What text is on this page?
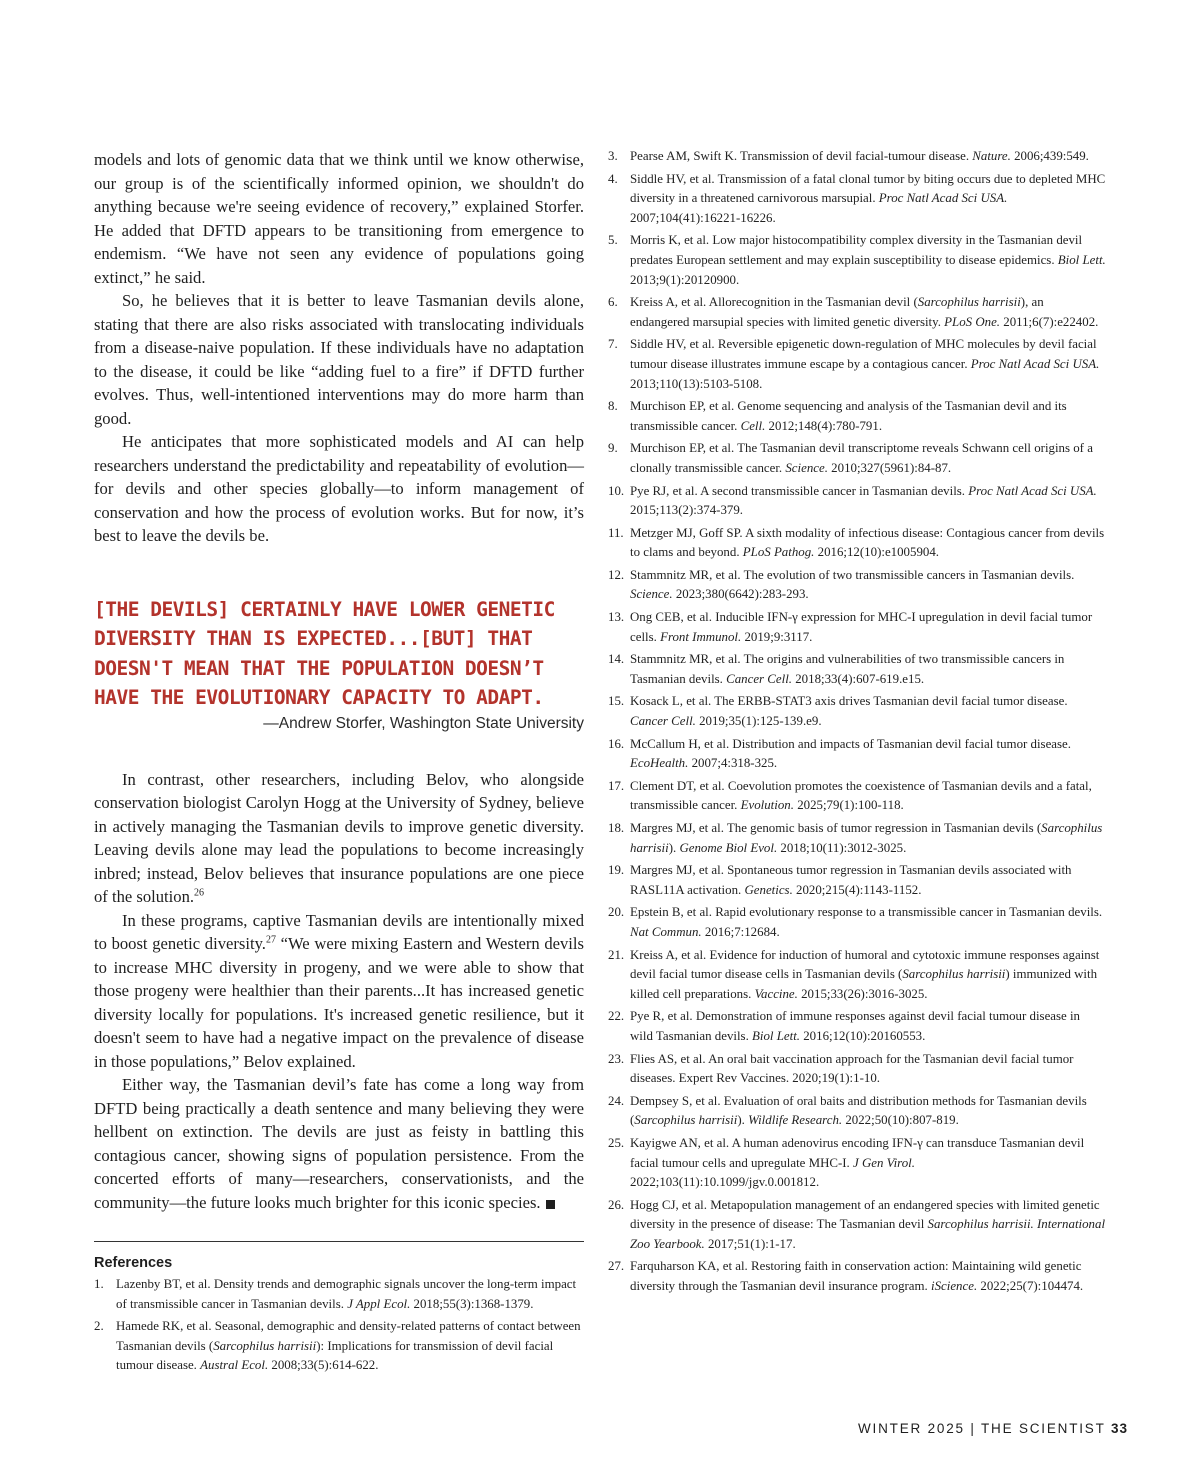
models and lots of genomic data that we think until we know otherwise, our group is of the scientifically informed opinion, we shouldn't do anything because we're seeing evidence of recovery,” explained Storfer. He added that DFTD appears to be transitioning from emergence to endemism. “We have not seen any evidence of populations going extinct,” he said.

So, he believes that it is better to leave Tasmanian devils alone, stating that there are also risks associated with translocating individuals from a disease-naive population. If these individuals have no adaptation to the disease, it could be like “adding fuel to a fire” if DFTD further evolves. Thus, well-intentioned interventions may do more harm than good.

He anticipates that more sophisticated models and AI can help researchers understand the predictability and repeatability of evolution—for devils and other species globally—to inform management of conservation and how the process of evolution works. But for now, it’s best to leave the devils be.

[THE DEVILS] CERTAINLY HAVE LOWER GENETIC DIVERSITY THAN IS EXPECTED...[BUT] THAT DOESN'T MEAN THAT THE POPULATION DOESN’T HAVE THE EVOLUTIONARY CAPACITY TO ADAPT.
—Andrew Storfer, Washington State University

In contrast, other researchers, including Belov, who alongside conservation biologist Carolyn Hogg at the University of Sydney, believe in actively managing the Tasmanian devils to improve genetic diversity. Leaving devils alone may lead the populations to become increasingly inbred; instead, Belov believes that insurance populations are one piece of the solution.$^{26}$

In these programs, captive Tasmanian devils are intentionally mixed to boost genetic diversity.$^{27}$ “We were mixing Eastern and Western devils to increase MHC diversity in progeny, and we were able to show that those progeny were healthier than their parents...It has increased genetic diversity locally for populations. It's increased genetic resilience, but it doesn't seem to have had a negative impact on the prevalence of disease in those populations,” Belov explained.

Either way, the Tasmanian devil’s fate has come a long way from DFTD being practically a death sentence and many believing they were hellbent on extinction. The devils are just as feisty in battling this contagious cancer, showing signs of population persistence. From the concerted efforts of many—researchers, conservationists, and the community—the future looks much brighter for this iconic species.

References
1. Lazenby BT, et al. Density trends and demographic signals uncover the long-term impact of transmissible cancer in Tasmanian devils. J Appl Ecol. 2018;55(3):1368-1379.
2. Hamede RK, et al. Seasonal, demographic and density-related patterns of contact between Tasmanian devils (Sarcophilus harrisii): Implications for transmission of devil facial tumour disease. Austral Ecol. 2008;33(5):614-622.
3. Pearse AM, Swift K. Transmission of devil facial-tumour disease. Nature. 2006;439:549.
4. Siddle HV, et al. Transmission of a fatal clonal tumor by biting occurs due to depleted MHC diversity in a threatened carnivorous marsupial. Proc Natl Acad Sci USA. 2007;104(41):16221-16226.
5. Morris K, et al. Low major histocompatibility complex diversity in the Tasmanian devil predates European settlement and may explain susceptibility to disease epidemics. Biol Lett. 2013;9(1):20120900.
6. Kreiss A, et al. Allorecognition in the Tasmanian devil (Sarcophilus harrisii), an endangered marsupial species with limited genetic diversity. PLoS One. 2011;6(7):e22402.
7. Siddle HV, et al. Reversible epigenetic down-regulation of MHC molecules by devil facial tumour disease illustrates immune escape by a contagious cancer. Proc Natl Acad Sci USA. 2013;110(13):5103-5108.
8. Murchison EP, et al. Genome sequencing and analysis of the Tasmanian devil and its transmissible cancer. Cell. 2012;148(4):780-791.
9. Murchison EP, et al. The Tasmanian devil transcriptome reveals Schwann cell origins of a clonally transmissible cancer. Science. 2010;327(5961):84-87.
10. Pye RJ, et al. A second transmissible cancer in Tasmanian devils. Proc Natl Acad Sci USA. 2015;113(2):374-379.
11. Metzger MJ, Goff SP. A sixth modality of infectious disease: Contagious cancer from devils to clams and beyond. PLoS Pathog. 2016;12(10):e1005904.
12. Stammnitz MR, et al. The evolution of two transmissible cancers in Tasmanian devils. Science. 2023;380(6642):283-293.
13. Ong CEB, et al. Inducible IFN-γ expression for MHC-I upregulation in devil facial tumor cells. Front Immunol. 2019;9:3117.
14. Stammnitz MR, et al. The origins and vulnerabilities of two transmissible cancers in Tasmanian devils. Cancer Cell. 2018;33(4):607-619.e15.
15. Kosack L, et al. The ERBB-STAT3 axis drives Tasmanian devil facial tumor disease. Cancer Cell. 2019;35(1):125-139.e9.
16. McCallum H, et al. Distribution and impacts of Tasmanian devil facial tumor disease. EcoHealth. 2007;4:318-325.
17. Clement DT, et al. Coevolution promotes the coexistence of Tasmanian devils and a fatal, transmissible cancer. Evolution. 2025;79(1):100-118.
18. Margres MJ, et al. The genomic basis of tumor regression in Tasmanian devils (Sarcophilus harrisii). Genome Biol Evol. 2018;10(11):3012-3025.
19. Margres MJ, et al. Spontaneous tumor regression in Tasmanian devils associated with RASL11A activation. Genetics. 2020;215(4):1143-1152.
20. Epstein B, et al. Rapid evolutionary response to a transmissible cancer in Tasmanian devils. Nat Commun. 2016;7:12684.
21. Kreiss A, et al. Evidence for induction of humoral and cytotoxic immune responses against devil facial tumor disease cells in Tasmanian devils (Sarcophilus harrisii) immunized with killed cell preparations. Vaccine. 2015;33(26):3016-3025.
22. Pye R, et al. Demonstration of immune responses against devil facial tumour disease in wild Tasmanian devils. Biol Lett. 2016;12(10):20160553.
23. Flies AS, et al. An oral bait vaccination approach for the Tasmanian devil facial tumor diseases. Expert Rev Vaccines. 2020;19(1):1-10.
24. Dempsey S, et al. Evaluation of oral baits and distribution methods for Tasmanian devils (Sarcophilus harrisii). Wildlife Research. 2022;50(10):807-819.
25. Kayigwe AN, et al. A human adenovirus encoding IFN-γ can transduce Tasmanian devil facial tumour cells and upregulate MHC-I. J Gen Virol. 2022;103(11):10.1099/jgv.0.001812.
26. Hogg CJ, et al. Metapopulation management of an endangered species with limited genetic diversity in the presence of disease: The Tasmanian devil Sarcophilus harrisii. International Zoo Yearbook. 2017;51(1):1-17.
27. Farquharson KA, et al. Restoring faith in conservation action: Maintaining wild genetic diversity through the Tasmanian devil insurance program. iScience. 2022;25(7):104474.
WINTER 2025 | THE SCIENTIST 33
